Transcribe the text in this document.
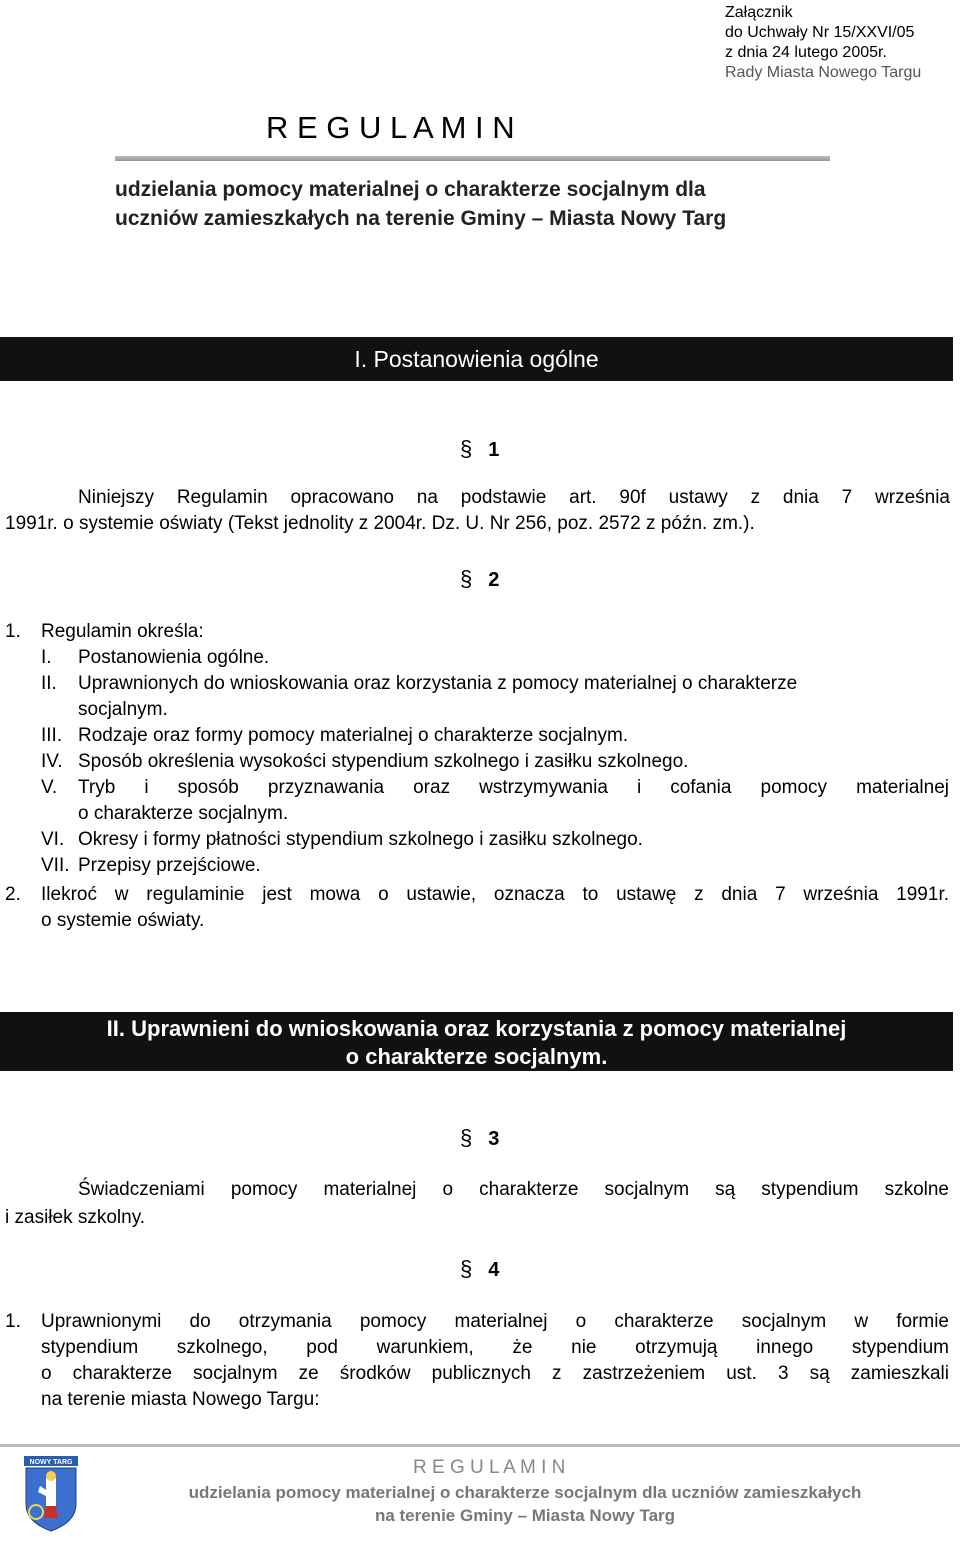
Załącznik
do Uchwały Nr 15/XXVI/05
z dnia 24 lutego 2005r.
Rady Miasta Nowego Targu
R E G U L A M I N
udzielania pomocy materialnej o charakterze socjalnym dla
uczniów zamieszkałych na terenie Gminy – Miasta Nowy Targ
I. Postanowienia ogólne
§ 1
Niniejszy Regulamin opracowano na podstawie art. 90f ustawy z dnia 7 września
1991r. o systemie oświaty (Tekst jednolity z 2004r. Dz. U. Nr 256, poz. 2572 z późn. zm.).
§ 2
1. Regulamin określa:
I. Postanowienia ogólne.
II. Uprawnionych do wnioskowania oraz korzystania z pomocy materialnej o charakterze
socjalnym.
III. Rodzaje oraz formy pomocy materialnej o charakterze socjalnym.
IV. Sposób określenia wysokości stypendium szkolnego i zasiłku szkolnego.
V. Tryb i sposób przyznawania oraz wstrzymywania i cofania pomocy materialnej
o charakterze socjalnym.
VI. Okresy i formy płatności stypendium szkolnego i zasiłku szkolnego.
VII. Przepisy przejściowe.
2. Ilekroć w regulaminie jest mowa o ustawie, oznacza to ustawę z dnia 7 września 1991r.
o systemie oświaty.
II. Uprawnieni do wnioskowania oraz korzystania z pomocy materialnej
o charakterze socjalnym.
§ 3
Świadczeniami pomocy materialnej o charakterze socjalnym są stypendium szkolne
i zasiłek szkolny.
§ 4
1. Uprawnionymi do otrzymania pomocy materialnej o charakterze socjalnym w formie
stypendium szkolnego, pod warunkiem, że nie otrzymują innego stypendium
o charakterze socjalnym ze środków publicznych z zastrzeżeniem ust. 3 są zamieszkali
na terenie miasta Nowego Targu:
NOWY TARG	R E G U L A M I N
udzielania pomocy materialnej o charakterze socjalnym dla uczniów zamieszkałych
na terenie Gminy – Miasta Nowy Targ
